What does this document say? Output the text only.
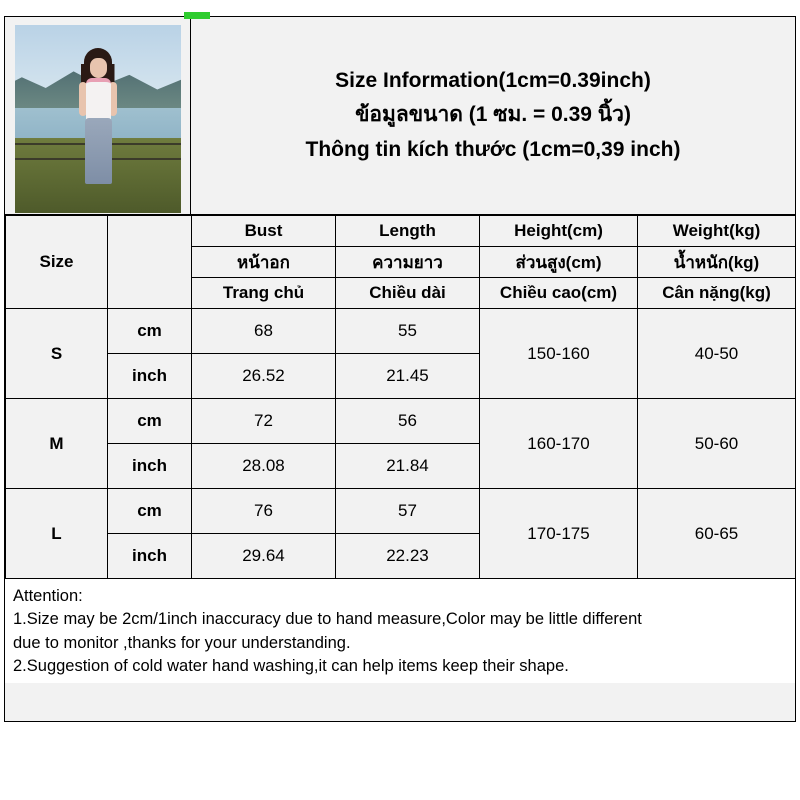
Size Information(1cm=0.39inch)
ข้อมูลขนาด (1 ซม. = 0.39 นิ้ว)
Thông tin kích thước (1cm=0,39 inch)
Size		Bust	Length	Height(cm)	Weight(kg)
		หน้าอก	ความยาว	ส่วนสูง(cm)	น้ำหนัก(kg)
		Trang chủ	Chiều dài	Chiều cao(cm)	Cân nặng(kg)
S	cm	68	55	150-160	40-50
	inch	26.52	21.45		
M	cm	72	56	160-170	50-60
	inch	28.08	21.84		
L	cm	76	57	170-175	60-65
	inch	29.64	22.23		
Attention:
1.Size may be 2cm/1inch inaccuracy due to hand measure,Color may be little different
due to monitor ,thanks for your understanding.
2.Suggestion of cold water hand washing,it can help items keep their shape.
